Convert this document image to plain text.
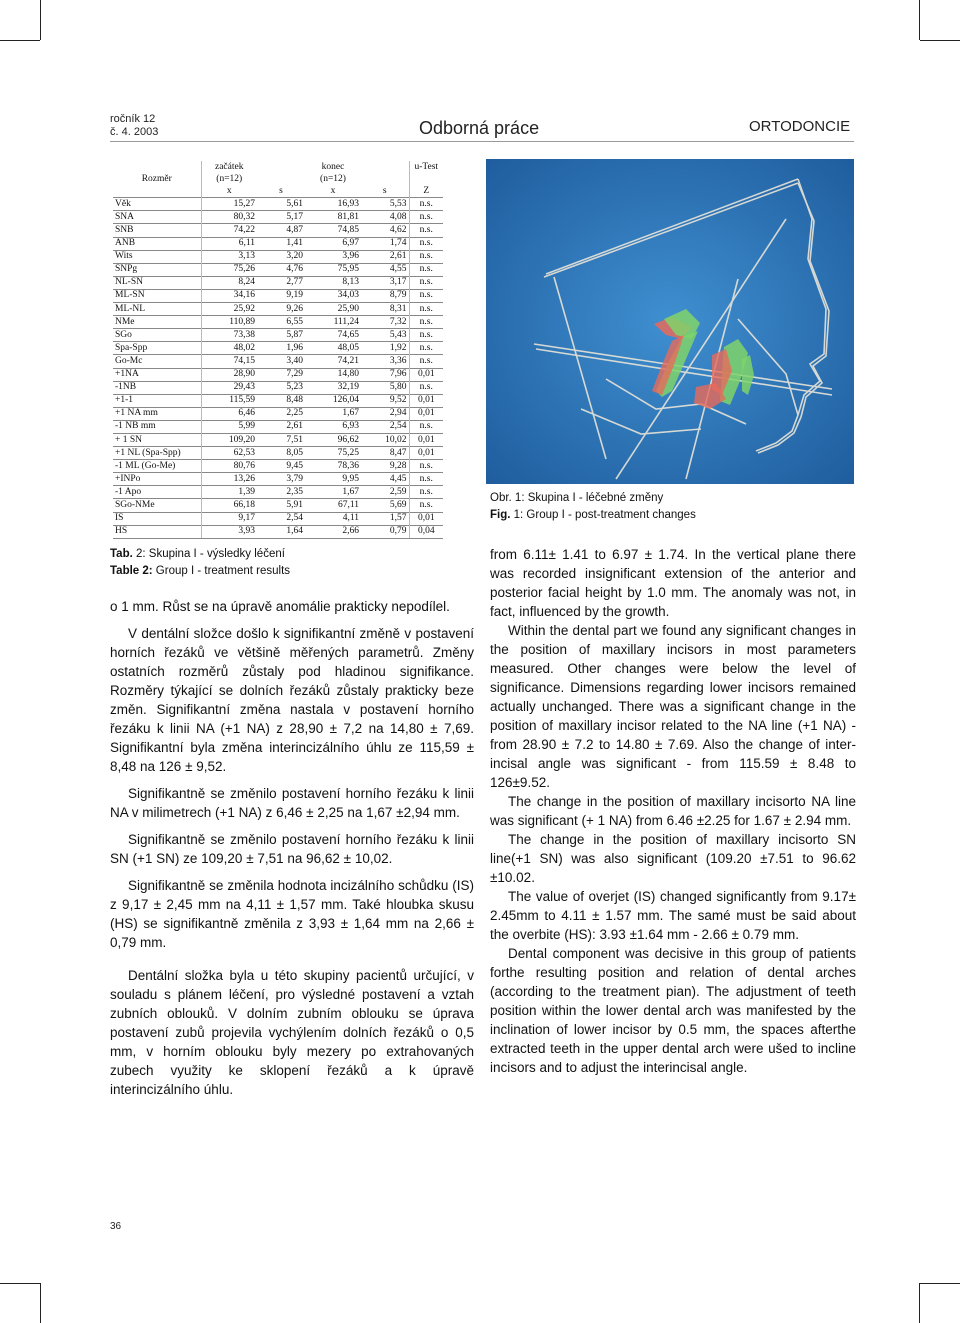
ročník 12
č. 4. 2003	Odborná práce	ORTODONCIE
	začátek		konec		u-Test
Rozměr	(n=12)		(n=12)		
	x	s	x	s	Z
Věk	15,27	5,61	16,93	5,53	n.s.
SNA	80,32	5,17	81,81	4,08	n.s.
SNB	74,22	4,87	74,85	4,62	n.s.
ANB	6,11	1,41	6,97	1,74	n.s.
Wits	3,13	3,20	3,96	2,61	n.s.
SNPg	75,26	4,76	75,95	4,55	n.s.
NL-SN	8,24	2,77	8,13	3,17	n.s.
ML-SN	34,16	9,19	34,03	8,79	n.s.
ML-NL	25,92	9,26	25,90	8,31	n.s.
NMe	110,89	6,55	111,24	7,32	n.s.
SGo	73,38	5,87	74,65	5,43	n.s.
Spa-Spp	48,02	1,96	48,05	1,92	n.s.
Go-Mc	74,15	3,40	74,21	3,36	n.s.
+1NA	28,90	7,29	14,80	7,96	0,01
-1NB	29,43	5,23	32,19	5,80	n.s.
+1-1	115,59	8,48	126,04	9,52	0,01
+1 NA mm	6,46	2,25	1,67	2,94	0,01
-1 NB mm	5,99	2,61	6,93	2,54	n.s.
+ 1 SN	109,20	7,51	96,62	10,02	0,01
+1 NL (Spa-Spp)	62,53	8,05	75,25	8,47	0,01
-1 ML (Go-Me)	80,76	9,45	78,36	9,28	n.s.
+INPo	13,26	3,79	9,95	4,45	n.s.
-1 Apo	1,39	2,35	1,67	2,59	n.s.
SGo-NMe	66,18	5,91	67,11	5,69	n.s.
IS	9,17	2,54	4,11	1,57	0,01
HS	3,93	1,64	2,66	0,79	0,04
Tab. 2: Skupina I - výsledky léčení
Table 2: Group I - treatment results
Obr. 1: Skupina I - léčebné změny
Fig. 1: Group I - post-treatment changes

o 1 mm. Růst se na úpravě anomálie prakticky nepodílel.

V dentální složce došlo k signifikantní změně v postavení horních řezáků ve většině měřených parametrů. Změny ostatních rozměrů zůstaly pod hladinou signifikance. Rozměry týkající se dolních řezáků zůstaly prakticky beze změn. Signifikantní změna nastala v postavení horního řezáku k linii NA (+1 NA) z 28,90 ± 7,2 na 14,80 ± 7,69. Signifikantní byla změna interincizálního úhlu ze 115,59 ± 8,48 na 126 ± 9,52.

Signifikantně se změnilo postavení horního řezáku k linii NA v milimetrech (+1 NA) z 6,46 ± 2,25 na 1,67 ±2,94 mm.

Signifikantně se změnilo postavení horního řezáku k linii SN (+1 SN) ze 109,20 ± 7,51 na 96,62 ± 10,02.

Signifikantně se změnila hodnota incizálního schůdku (IS) z 9,17 ± 2,45 mm na 4,11 ± 1,57 mm. Také hloubka skusu (HS) se signifikantně změnila z 3,93 ± 1,64 mm na 2,66 ± 0,79 mm.

Dentální složka byla u této skupiny pacientů určující, v souladu s plánem léčení, pro výsledné postavení a vztah zubních oblouků. V dolním zubním oblouku se úprava postavení zubů projevila vychýlením dolních řezáků o 0,5 mm, v horním oblouku byly mezery po extrahovaných zubech využity ke sklopení řezáků a k úpravě interincizálního úhlu.

from 6.11± 1.41 to 6.97 ± 1.74. In the vertical plane there was recorded insignificant extension of the anterior and posterior facial height by 1.0 mm. The anomaly was not, in fact, influenced by the growth.

Within the dental part we found any significant changes in the position of maxillary incisors in most parameters measured. Other changes were below the level of significance. Dimensions regarding lower incisors remained actually unchanged. There was a significant change in the position of maxillary incisor related to the NA line (+1 NA) - from 28.90 ± 7.2 to 14.80 ± 7.69. Also the change of inter-incisal angle was significant - from 115.59 ± 8.48 to 126±9.52.

The change in the position of maxillary incisorto NA line was significant (+ 1 NA) from 6.46 ±2.25 for 1.67 ± 2.94 mm.

The change in the position of maxillary incisorto SN line(+1 SN) was also significant (109.20 ±7.51 to 96.62 ±10.02.

The value of overjet (IS) changed significantly from 9.17± 2.45mm to 4.11 ± 1.57 mm. The samé must be said about the overbite (HS): 3.93 ±1.64 mm - 2.66 ± 0.79 mm.

Dental component was decisive in this group of patients forthe resulting position and relation of dental arches (according to the treatment pian). The adjustment of teeth position within the lower dental arch was manifested by the inclination of lower incisor by 0.5 mm, the spaces afterthe extracted teeth in the upper dental arch were ušed to incline incisors and to adjust the interincisal angle.

36
